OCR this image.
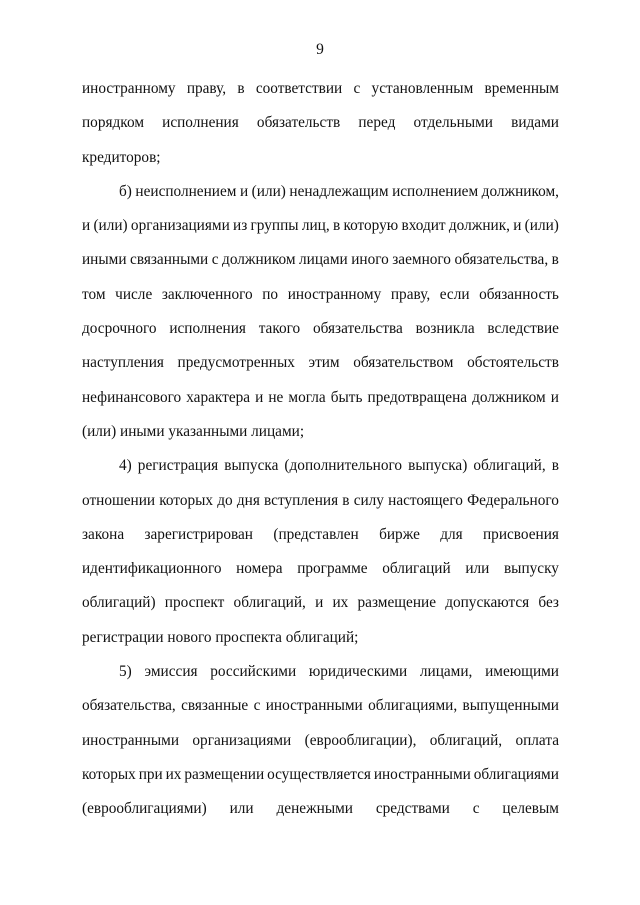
9
иностранному праву, в соответствии с установленным временным
порядком исполнения обязательств перед отдельными видами
кредиторов;
б) неисполнением и (или) ненадлежащим исполнением должником,
и (или) организациями из группы лиц, в которую входит должник, и (или)
иными связанными с должником лицами иного заемного обязательства, в
том числе заключенного по иностранному праву, если обязанность
досрочного исполнения такого обязательства возникла вследствие
наступления предусмотренных этим обязательством обстоятельств
нефинансового характера и не могла быть предотвращена должником и
(или) иными указанными лицами;
4) регистрация выпуска (дополнительного выпуска) облигаций, в
отношении которых до дня вступления в силу настоящего Федерального
закона зарегистрирован (представлен бирже для присвоения
идентификационного номера программе облигаций или выпуску
облигаций) проспект облигаций, и их размещение допускаются без
регистрации нового проспекта облигаций;
5) эмиссия российскими юридическими лицами, имеющими
обязательства, связанные с иностранными облигациями, выпущенными
иностранными организациями (еврооблигации), облигаций, оплата
которых при их размещении осуществляется иностранными облигациями
(еврооблигациями) или денежными средствами с целевым
